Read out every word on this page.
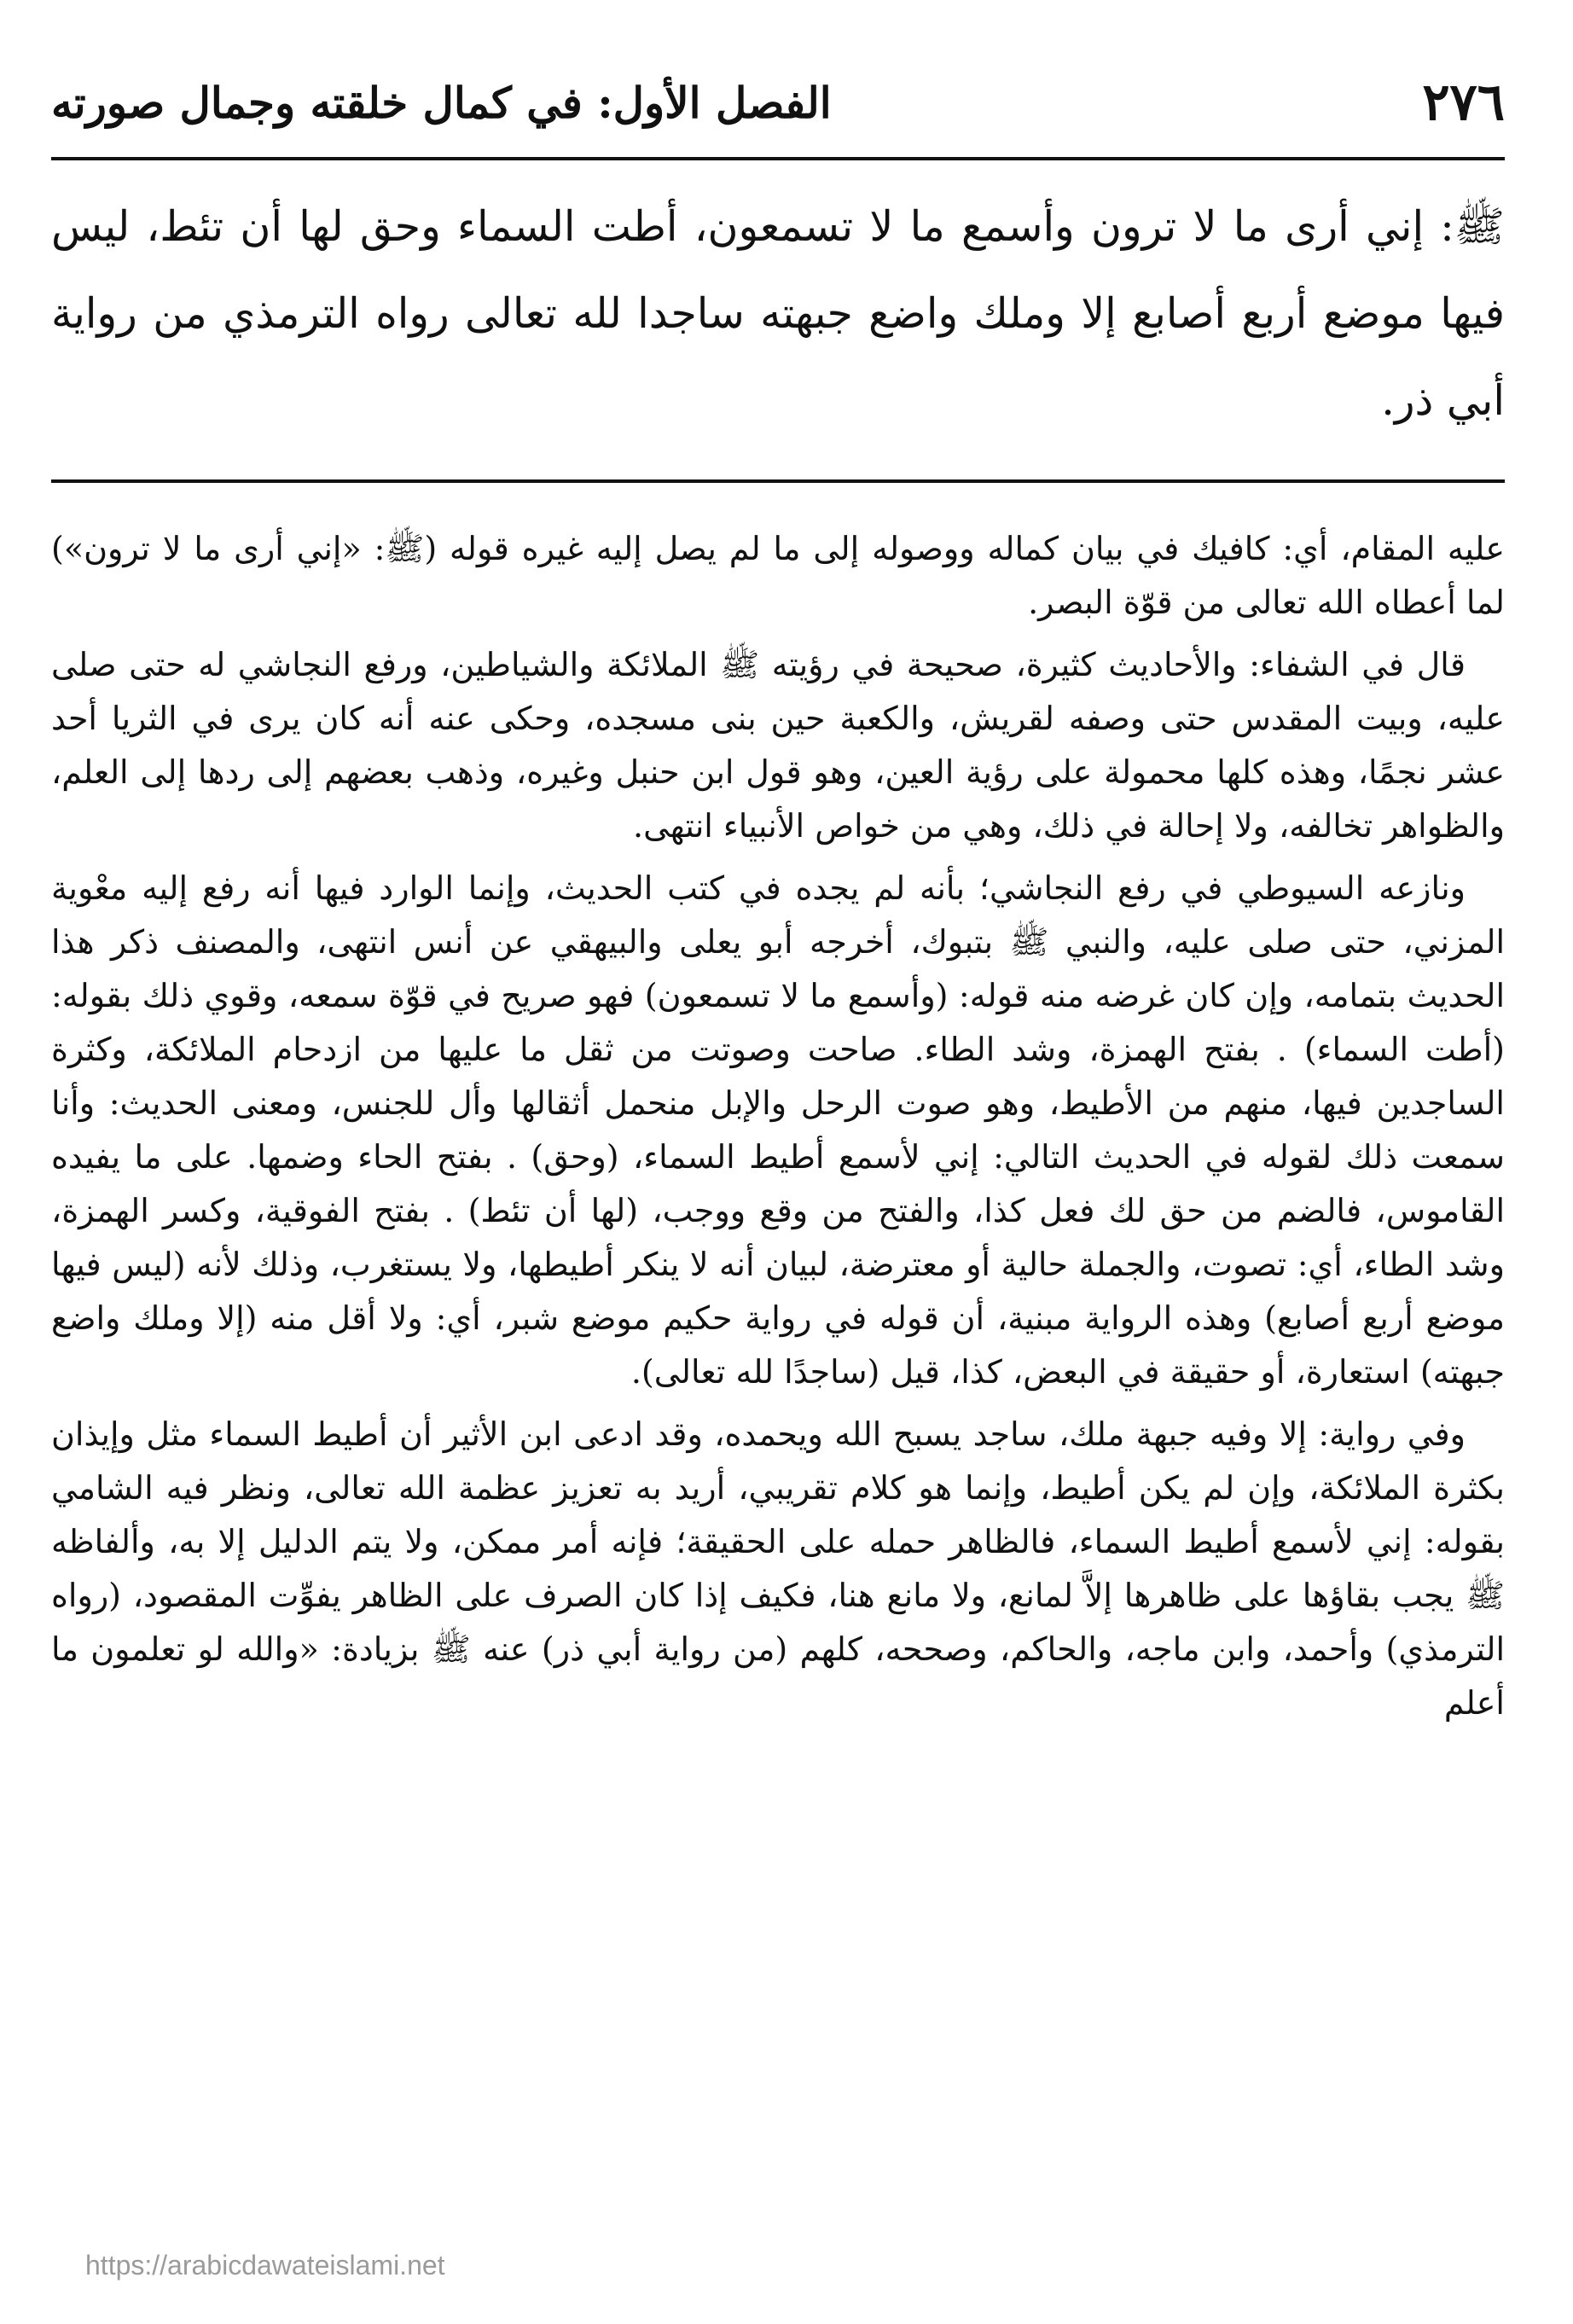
٢٧٦
الفصل الأول: في كمال خلقته وجمال صورته
ﷺ: إني أرى ما لا ترون وأسمع ما لا تسمعون، أطت السماء وحق لها أن تئط، ليس فيها موضع أربع أصابع إلا وملك واضع جبهته ساجدا لله تعالى رواه الترمذي من رواية أبي ذر.

عليه المقام، أي: كافيك في بيان كماله ووصوله إلى ما لم يصل إليه غيره قوله (ﷺ: «إني أرى ما لا ترون») لما أعطاه الله تعالى من قوّة البصر.

قال في الشفاء: والأحاديث كثيرة، صحيحة في رؤيته ﷺ الملائكة والشياطين، ورفع النجاشي له حتى صلى عليه، وبيت المقدس حتى وصفه لقريش، والكعبة حين بنى مسجده، وحكى عنه أنه كان يرى في الثريا أحد عشر نجمًا، وهذه كلها محمولة على رؤية العين، وهو قول ابن حنبل وغيره، وذهب بعضهم إلى ردها إلى العلم، والظواهر تخالفه، ولا إحالة في ذلك، وهي من خواص الأنبياء انتهى.

ونازعه السيوطي في رفع النجاشي؛ بأنه لم يجده في كتب الحديث، وإنما الوارد فيها أنه رفع إليه معْوية المزني، حتى صلى عليه، والنبي ﷺ بتبوك، أخرجه أبو يعلى والبيهقي عن أنس انتهى، والمصنف ذكر هذا الحديث بتمامه، وإن كان غرضه منه قوله: (وأسمع ما لا تسمعون) فهو صريح في قوّة سمعه، وقوي ذلك بقوله: (أطت السماء) . بفتح الهمزة، وشد الطاء. صاحت وصوتت من ثقل ما عليها من ازدحام الملائكة، وكثرة الساجدين فيها، منهم من الأطيط، وهو صوت الرحل والإبل منحمل أثقالها وأل للجنس، ومعنى الحديث: وأنا سمعت ذلك لقوله في الحديث التالي: إني لأسمع أطيط السماء، (وحق) . بفتح الحاء وضمها. على ما يفيده القاموس، فالضم من حق لك فعل كذا، والفتح من وقع ووجب، (لها أن تئط) . بفتح الفوقية، وكسر الهمزة، وشد الطاء، أي: تصوت، والجملة حالية أو معترضة، لبيان أنه لا ينكر أطيطها، ولا يستغرب، وذلك لأنه (ليس فيها موضع أربع أصابع) وهذه الرواية مبنية، أن قوله في رواية حكيم موضع شبر، أي: ولا أقل منه (إلا وملك واضع جبهته) استعارة، أو حقيقة في البعض، كذا، قيل (ساجدًا لله تعالى).

وفي رواية: إلا وفيه جبهة ملك، ساجد يسبح الله ويحمده، وقد ادعى ابن الأثير أن أطيط السماء مثل وإيذان بكثرة الملائكة، وإن لم يكن أطيط، وإنما هو كلام تقريبي، أريد به تعزيز عظمة الله تعالى، ونظر فيه الشامي بقوله: إني لأسمع أطيط السماء، فالظاهر حمله على الحقيقة؛ فإنه أمر ممكن، ولا يتم الدليل إلا به، وألفاظه ﷺ يجب بقاؤها على ظاهرها إلاَّ لمانع، ولا مانع هنا، فكيف إذا كان الصرف على الظاهر يفوِّت المقصود، (رواه الترمذي) وأحمد، وابن ماجه، والحاكم، وصححه، كلهم (من رواية أبي ذر) عنه ﷺ بزيادة: «والله لو تعلمون ما أعلم

https://arabicdawateislami.net
